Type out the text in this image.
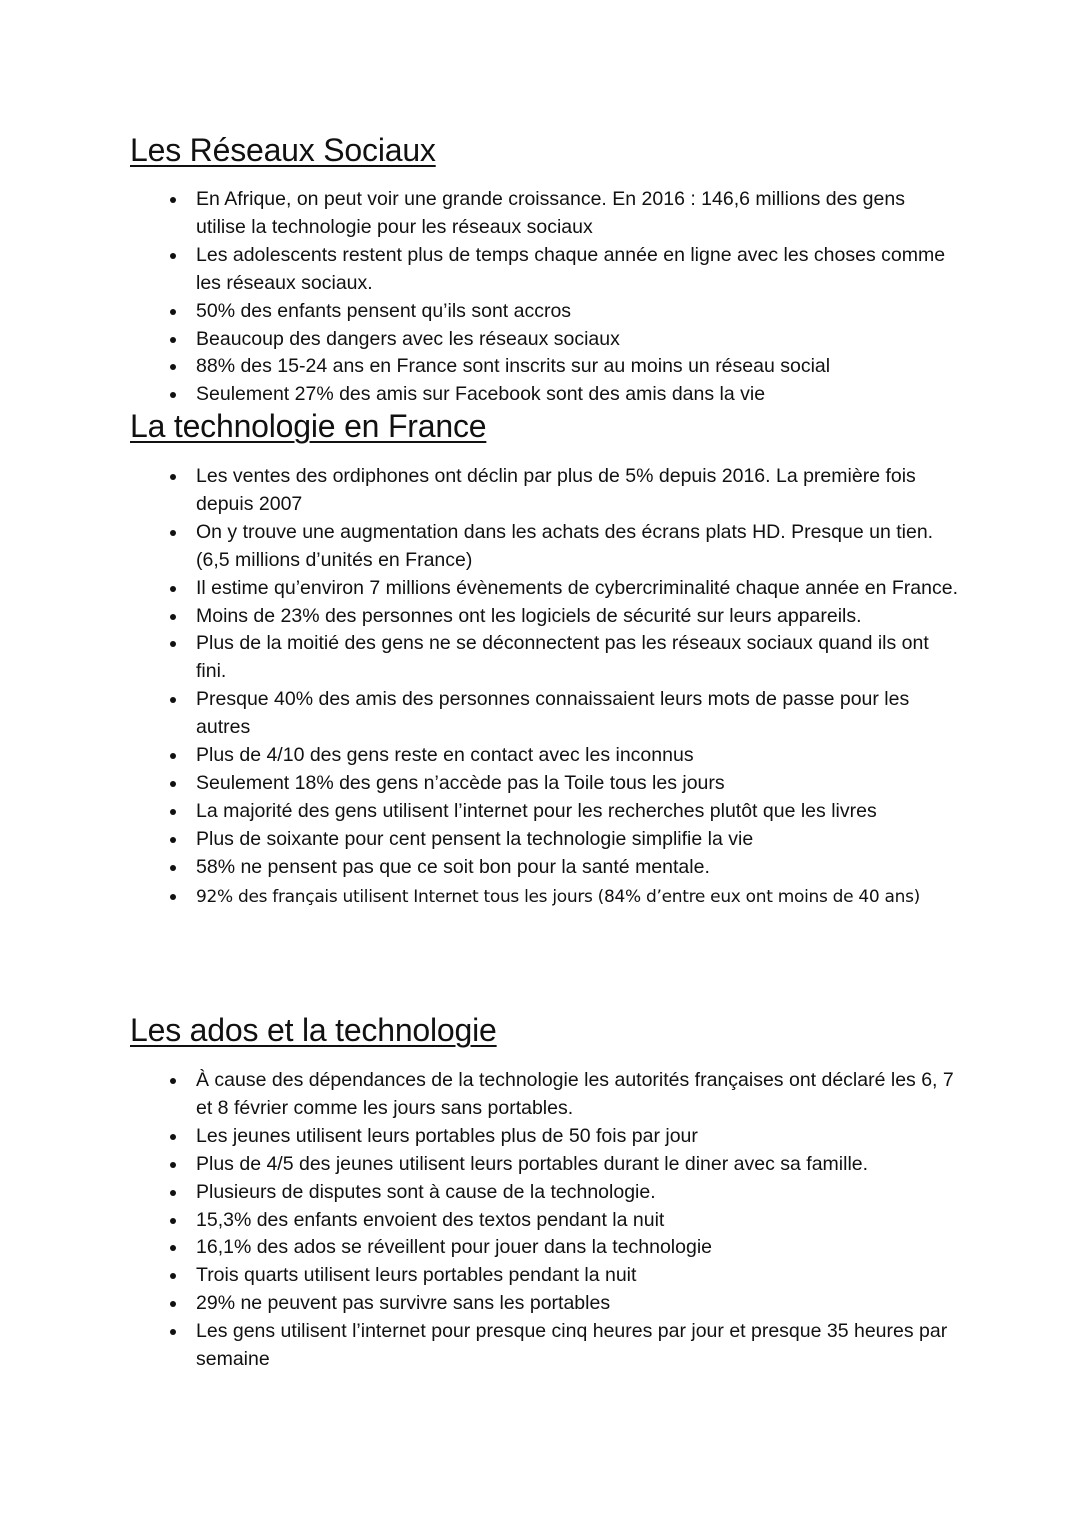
Les Réseaux Sociaux
En Afrique, on peut voir une grande croissance. En 2016 : 146,6 millions des gens utilise la technologie pour les réseaux sociaux
Les adolescents restent plus de temps chaque année en ligne avec les choses comme les réseaux sociaux.
50% des enfants pensent qu’ils sont accros
Beaucoup des dangers avec les réseaux sociaux
88% des 15-24 ans en France sont inscrits sur au moins un réseau social
Seulement 27% des amis sur Facebook sont des amis dans la vie
La technologie en France
Les ventes des ordiphones ont déclin par plus de 5% depuis 2016. La première fois depuis 2007
On y trouve une augmentation dans les achats des écrans plats HD. Presque un tien. (6,5 millions d’unités en France)
Il estime qu’environ 7 millions évènements de cybercriminalité chaque année en France.
Moins de 23% des personnes ont les logiciels de sécurité sur leurs appareils.
Plus de la moitié des gens ne se déconnectent pas les réseaux sociaux quand ils ont fini.
Presque 40% des amis des personnes connaissaient leurs mots de passe pour les autres
Plus de 4/10 des gens reste en contact avec les inconnus
Seulement 18% des gens n’accède pas la Toile tous les jours
La majorité des gens utilisent l’internet pour les recherches plutôt que les livres
Plus de soixante pour cent pensent la technologie simplifie la vie
58% ne pensent pas que ce soit bon pour la santé mentale.
92% des français utilisent Internet tous les jours (84% d’entre eux ont moins de 40 ans)
Les ados et la technologie
À cause des dépendances de la technologie les autorités françaises ont déclaré les 6, 7 et 8 février comme les jours sans portables.
Les jeunes utilisent leurs portables plus de 50 fois par jour
Plus de 4/5 des jeunes utilisent leurs portables durant le diner avec sa famille.
Plusieurs de disputes sont à cause de la technologie.
15,3% des enfants envoient des textos pendant la nuit
16,1% des ados se réveillent pour jouer dans la technologie
Trois quarts utilisent leurs portables pendant la nuit
29% ne peuvent pas survivre sans les portables
Les gens utilisent l’internet pour presque cinq heures par jour et presque 35 heures par semaine
